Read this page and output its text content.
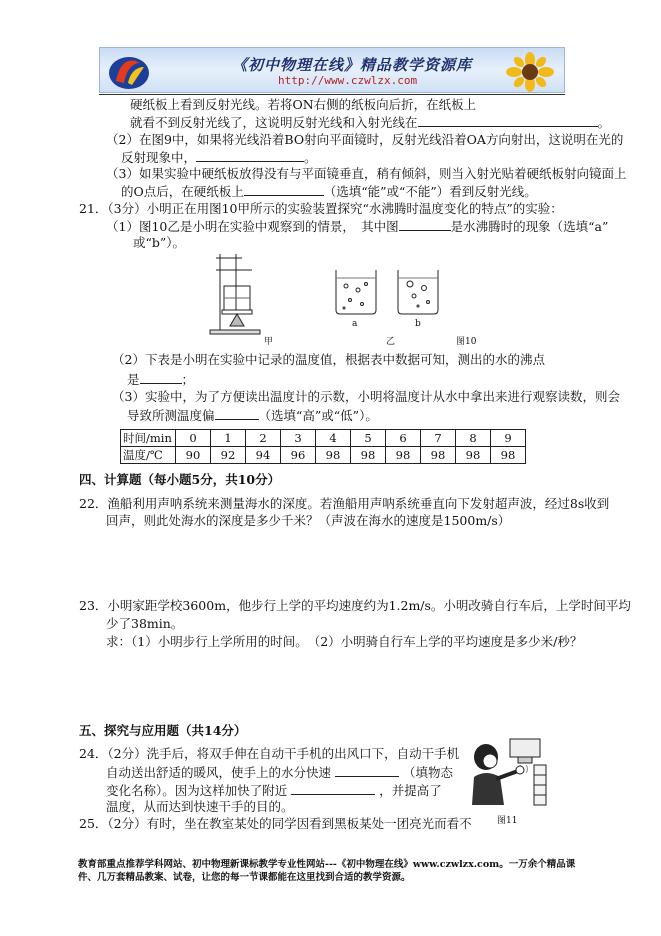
《初中物理在线》精品教学资源库
http://www.czwlzx.com
硬纸板上看到反射光线。若将ON右侧的纸板向后折，在纸板上
就看不到反射光线了，这说明反射光线和入射光线在	。
（2）在图9中，如果将光线沿着BO射向平面镜时，反射光线沿着OA方向射出，这说明在光的
反射现象中，	。
（3）如果实验中硬纸板放得没有与平面镜垂直，稍有倾斜，则当入射光贴着硬纸板射向镜面上
的O点后，在硬纸板上	（选填“能”或“不能”）看到反射光线。
21．（3分）小明正在用图10甲所示的实验装置探究“水沸腾时温度变化的特点”的实验：
（1）图10乙是小明在实验中观察到的情景，　其中图	是水沸腾时的现象（选填“a”
或“b”）。
a	b
甲	乙	图10
（2）下表是小明在实验中记录的温度值，根据表中数据可知，测出的水的沸点
是	；
（3）实验中，为了方便读出温度计的示数，小明将温度计从水中拿出来进行观察读数，则会
导致所测温度偏	（选填“高”或“低”）。
时间/min	0	1	2	3	4	5	6	7	8	9
温度/℃	90	92	94	96	98	98	98	98	98	98
四、计算题（每小题5分，共10分）
22．渔船利用声呐系统来测量海水的深度。若渔船用声呐系统垂直向下发射超声波，经过8s收到
回声，则此处海水的深度是多少千米？（声波在海水的速度是1500m/s）
23．小明家距学校3600m，他步行上学的平均速度约为1.2m/s。小明改骑自行车后，上学时间平均
少了38min。
求：（1）小明步行上学所用的时间。　（2）小明骑自行车上学的平均速度是多少米/秒？
五、探究与应用题（共14分）
24．（2分）洗手后，将双手伸在自动干手机的出风口下，自动干手机
自动送出舒适的暖风，使手上的水分快速	（填物态
变化名称）。因为这样加快了附近	，并提高了
温度，从而达到快速干手的目的。
25．（2分）有时，坐在教室某处的同学因看到黑板某处一团亮光而看不	图11
教育部重点推荐学科网站、初中物理新课标教学专业性网站---《初中物理在线》www.czwlzx.com。一万余个精品课
件、几万套精品教案、试卷，让您的每一节课都能在这里找到合适的教学资源。
